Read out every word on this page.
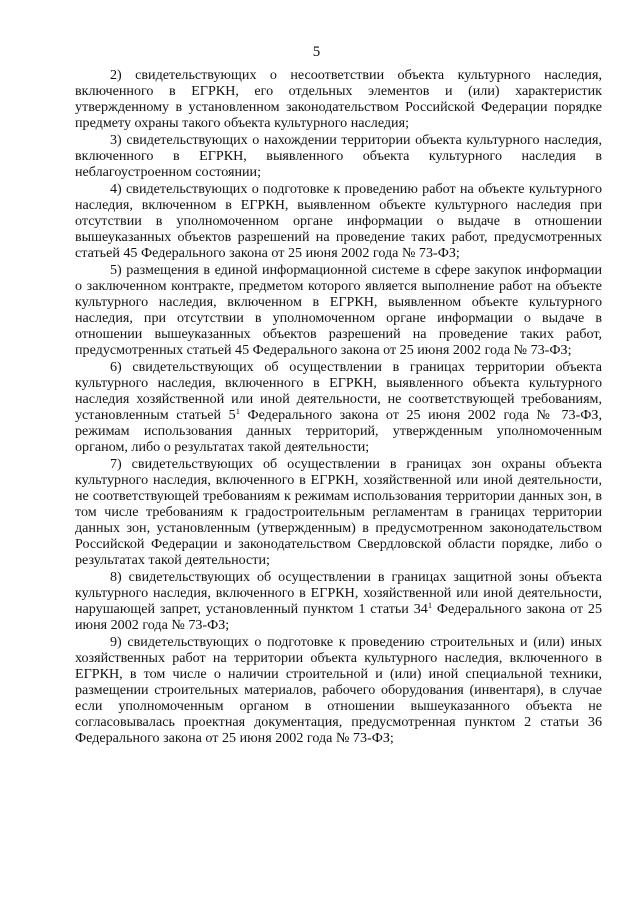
5

2) свидетельствующих о несоответствии объекта культурного наследия, включенного в ЕГРКН, его отдельных элементов и (или) характеристик утвержденному в установленном законодательством Российской Федерации порядке предмету охраны такого объекта культурного наследия;

3) свидетельствующих о нахождении территории объекта культурного наследия, включенного в ЕГРКН, выявленного объекта культурного наследия в неблагоустроенном состоянии;

4) свидетельствующих о подготовке к проведению работ на объекте культурного наследия, включенном в ЕГРКН, выявленном объекте культурного наследия при отсутствии в уполномоченном органе информации о выдаче в отношении вышеуказанных объектов разрешений на проведение таких работ, предусмотренных статьей 45 Федерального закона от 25 июня 2002 года № 73-ФЗ;

5) размещения в единой информационной системе в сфере закупок информации о заключенном контракте, предметом которого является выполнение работ на объекте культурного наследия, включенном в ЕГРКН, выявленном объекте культурного наследия, при отсутствии в уполномоченном органе информации о выдаче в отношении вышеуказанных объектов разрешений на проведение таких работ, предусмотренных статьей 45 Федерального закона от 25 июня 2002 года № 73-ФЗ;

6) свидетельствующих об осуществлении в границах территории объекта культурного наследия, включенного в ЕГРКН, выявленного объекта культурного наследия хозяйственной или иной деятельности, не соответствующей требованиям, установленным статьей $5^1$ Федерального закона от 25 июня 2002 года № 73-ФЗ, режимам использования данных территорий, утвержденным уполномоченным органом, либо о результатах такой деятельности;

7) свидетельствующих об осуществлении в границах зон охраны объекта культурного наследия, включенного в ЕГРКН, хозяйственной или иной деятельности, не соответствующей требованиям к режимам использования территории данных зон, в том числе требованиям к градостроительным регламентам в границах территории данных зон, установленным (утвержденным) в предусмотренном законодательством Российской Федерации и законодательством Свердловской области порядке, либо о результатах такой деятельности;

8) свидетельствующих об осуществлении в границах защитной зоны объекта культурного наследия, включенного в ЕГРКН, хозяйственной или иной деятельности, нарушающей запрет, установленный пунктом 1 статьи $34^1$ Федерального закона от 25 июня 2002 года № 73-ФЗ;

9) свидетельствующих о подготовке к проведению строительных и (или) иных хозяйственных работ на территории объекта культурного наследия, включенного в ЕГРКН, в том числе о наличии строительной и (или) иной специальной техники, размещении строительных материалов, рабочего оборудования (инвентаря), в случае если уполномоченным органом в отношении вышеуказанного объекта не согласовывалась проектная документация, предусмотренная пунктом 2 статьи 36 Федерального закона от 25 июня 2002 года № 73-ФЗ;
